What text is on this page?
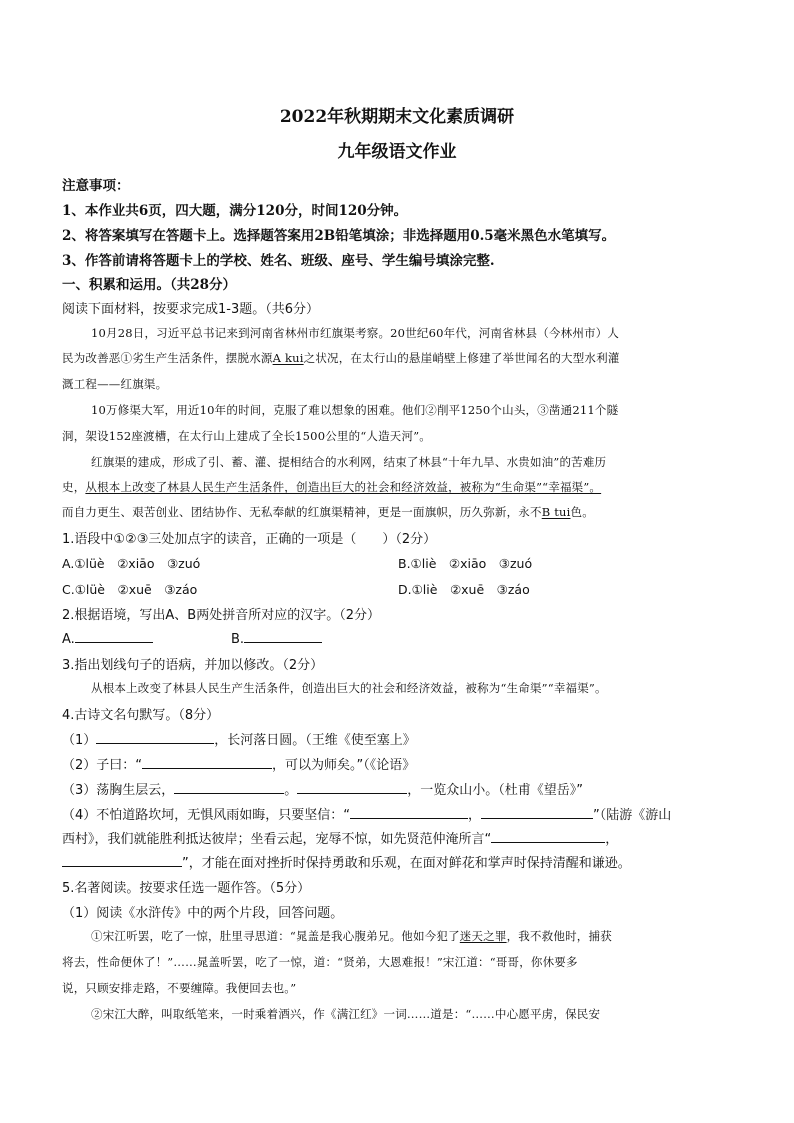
2022年秋期期末文化素质调研
九年级语文作业
注意事项：
1、本作业共6页，四大题，满分120分，时间120分钟。
2、将答案填写在答题卡上。选择题答案用2B铅笔填涂；非选择题用0.5毫米黑色水笔填写。
3、作答前请将答题卡上的学校、姓名、班级、座号、学生编号填涂完整.
一、积累和运用。（共28分）
阅读下面材料，按要求完成1-3题。（共6分）
10月28日，习近平总书记来到河南省林州市红旗渠考察。20世纪60年代，河南省林县（今林州市）人
民为改善恶①劣生产生活条件，摆脱水源A kui之状况，在太行山的悬崖峭壁上修建了举世闻名的大型水利灌
溉工程——红旗渠。
10万修渠大军，用近10年的时间，克服了难以想象的困难。他们②削平1250个山头，③凿通211个隧
洞，架设152座渡槽，在太行山上建成了全长1500公里的“人造天河”。
红旗渠的建成，形成了引、蓄、灌、提相结合的水利网，结束了林县“十年九旱、水贵如油”的苦难历
史，从根本上改变了林县人民生产生活条件，创造出巨大的社会和经济效益，被称为“生命渠”“幸福渠”。
而自力更生、艰苦创业、团结协作、无私奉献的红旗渠精神，更是一面旗帜，历久弥新，永不B tui色。
1.语段中①②③三处加点字的读音，正确的一项是（　　）（2分）
A.①lüè　②xiāo　③zuó	B.①liè　②xiāo　③zuó
C.①lüè　②xuē　③záo	D.①liè　②xuē　③záo
2.根据语境，写出A、B两处拼音所对应的汉字。（2分）
A.	B.
3.指出划线句子的语病，并加以修改。（2分）
从根本上改变了林县人民生产生活条件，创造出巨大的社会和经济效益，被称为“生命渠”“幸福渠”。
4.古诗文名句默写。（8分）
（1）	，长河落日圆。（王维《使至塞上》
（2）子曰：“	，可以为师矣。”（《论语》
（3）荡胸生层云，	。	，一览众山小。（杜甫《望岳》”
（4）不怕道路坎坷，无惧风雨如晦，只要坚信：“	，	”（陆游《游山
西村》，我们就能胜利抵达彼岸；坐看云起，宠辱不惊，如先贤范仲淹所言“	，
”，才能在面对挫折时保持勇敢和乐观，在面对鲜花和掌声时保持清醒和谦逊。
5.名著阅读。按要求任选一题作答。（5分）
（1）阅读《水浒传》中的两个片段，回答问题。
①宋江听罢，吃了一惊，肚里寻思道：“晁盖是我心腹弟兄。他如今犯了迷天之罪，我不救他时，捕获
将去，性命便休了！”……晁盖听罢，吃了一惊，道：“贤弟，大恩难报！”宋江道：“哥哥，你休要多
说，只顾安排走路，不要缠障。我便回去也。”
②宋江大醉，叫取纸笔来，一时乘着酒兴，作《满江红》一词……道是：“……中心愿平虏，保民安
